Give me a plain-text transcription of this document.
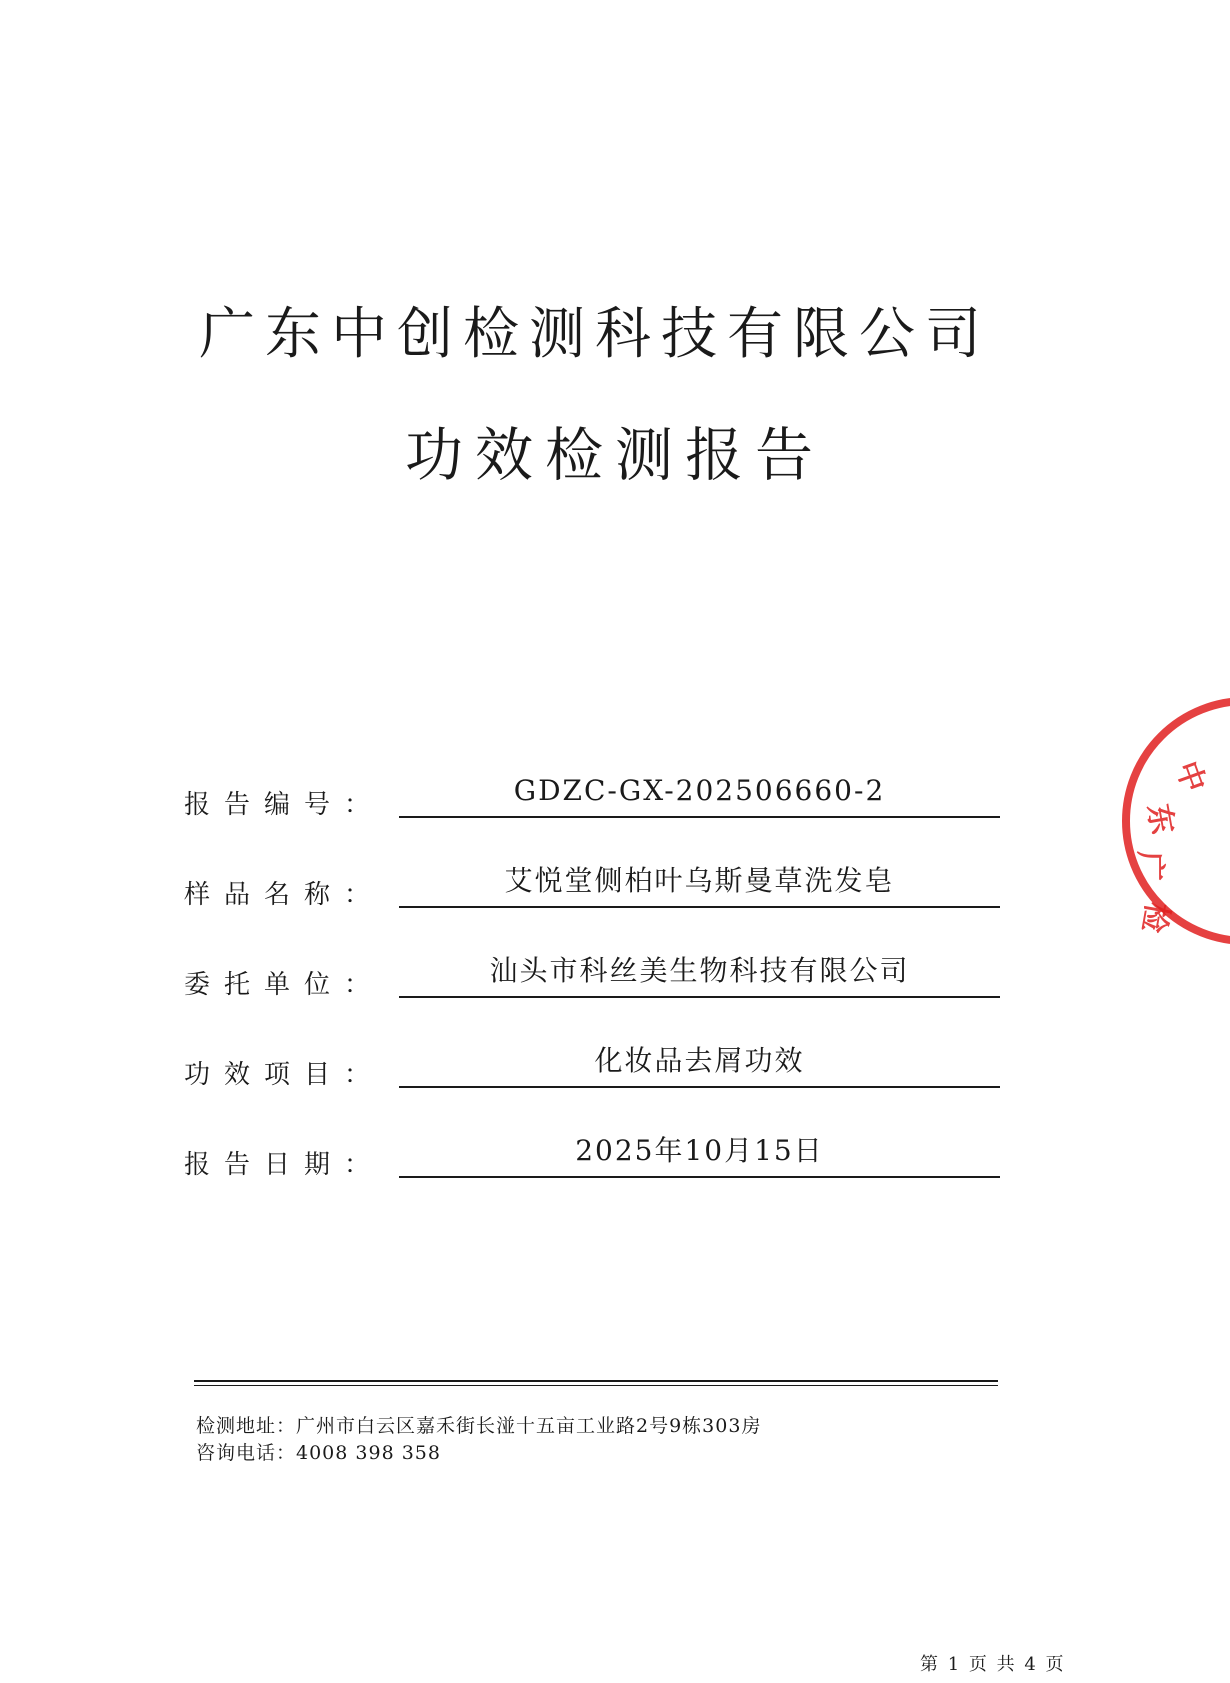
广东中创检测科技有限公司
功效检测报告
报告编号：	GDZC-GX-202506660-2
样品名称：	艾悦堂侧柏叶乌斯曼草洗发皂
委托单位：	汕头市科丝美生物科技有限公司
功效项目：	化妆品去屑功效
报告日期：	2025年10月15日
检测地址：广州市白云区嘉禾街长湴十五亩工业路2号9栋303房
咨询电话：4008 398 358
第 1 页 共 4 页
中
东
广
检
